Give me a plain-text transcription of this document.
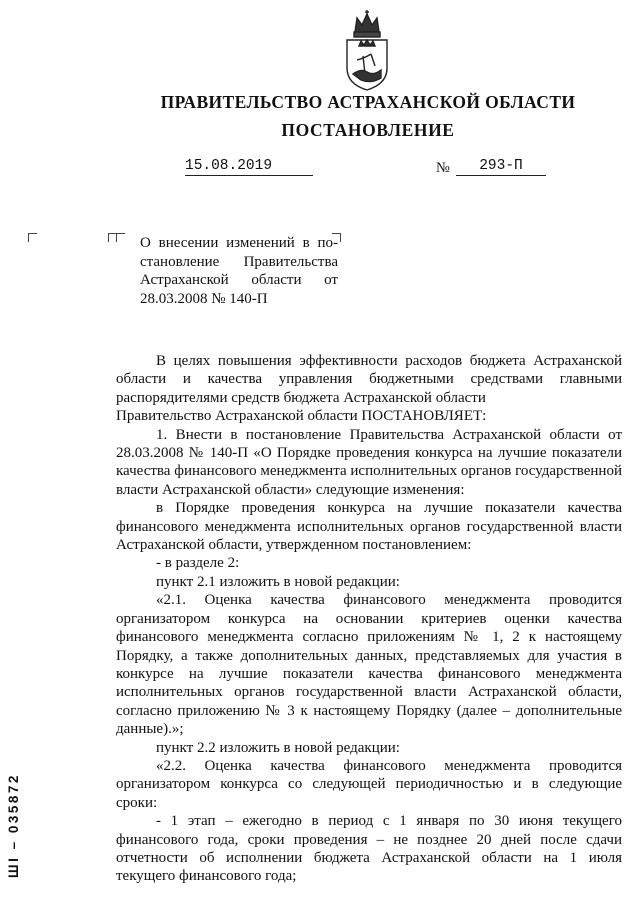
ПРАВИТЕЛЬСТВО АСТРАХАНСКОЙ ОБЛАСТИ
ПОСТАНОВЛЕНИЕ
15.08.2019	№	293-П
О внесении изменений в по-
становление Правительства
Астраханской области от
28.03.2008 № 140-П

В целях повышения эффективности расходов бюджета Астраханской области и качества управления бюджетными средствами главными распорядителями средств бюджета Астраханской области

Правительство Астраханской области ПОСТАНОВЛЯЕТ:

1. Внести в постановление Правительства Астраханской области от 28.03.2008 № 140-П «О Порядке проведения конкурса на лучшие показатели качества финансового менеджмента исполнительных органов государственной власти Астраханской области» следующие изменения:

в Порядке проведения конкурса на лучшие показатели качества финансового менеджмента исполнительных органов государственной власти Астраханской области, утвержденном постановлением:

- в разделе 2:

пункт 2.1 изложить в новой редакции:

«2.1. Оценка качества финансового менеджмента проводится организатором конкурса на основании критериев оценки качества финансового менеджмента согласно приложениям № 1, 2 к настоящему Порядку, а также дополнительных данных, представляемых для участия в конкурсе на лучшие показатели качества финансового менеджмента исполнительных органов государственной власти Астраханской области, согласно приложению № 3 к настоящему Порядку (далее – дополнительные данные).»;

пункт 2.2 изложить в новой редакции:

«2.2. Оценка качества финансового менеджмента проводится организатором конкурса со следующей периодичностью и в следующие сроки:

- 1 этап – ежегодно в период с 1 января по 30 июня текущего финансового года, сроки проведения – не позднее 20 дней после сдачи отчетности об исполнении бюджета Астраханской области на 1 июля текущего финансового года;

ШІ – 035872
